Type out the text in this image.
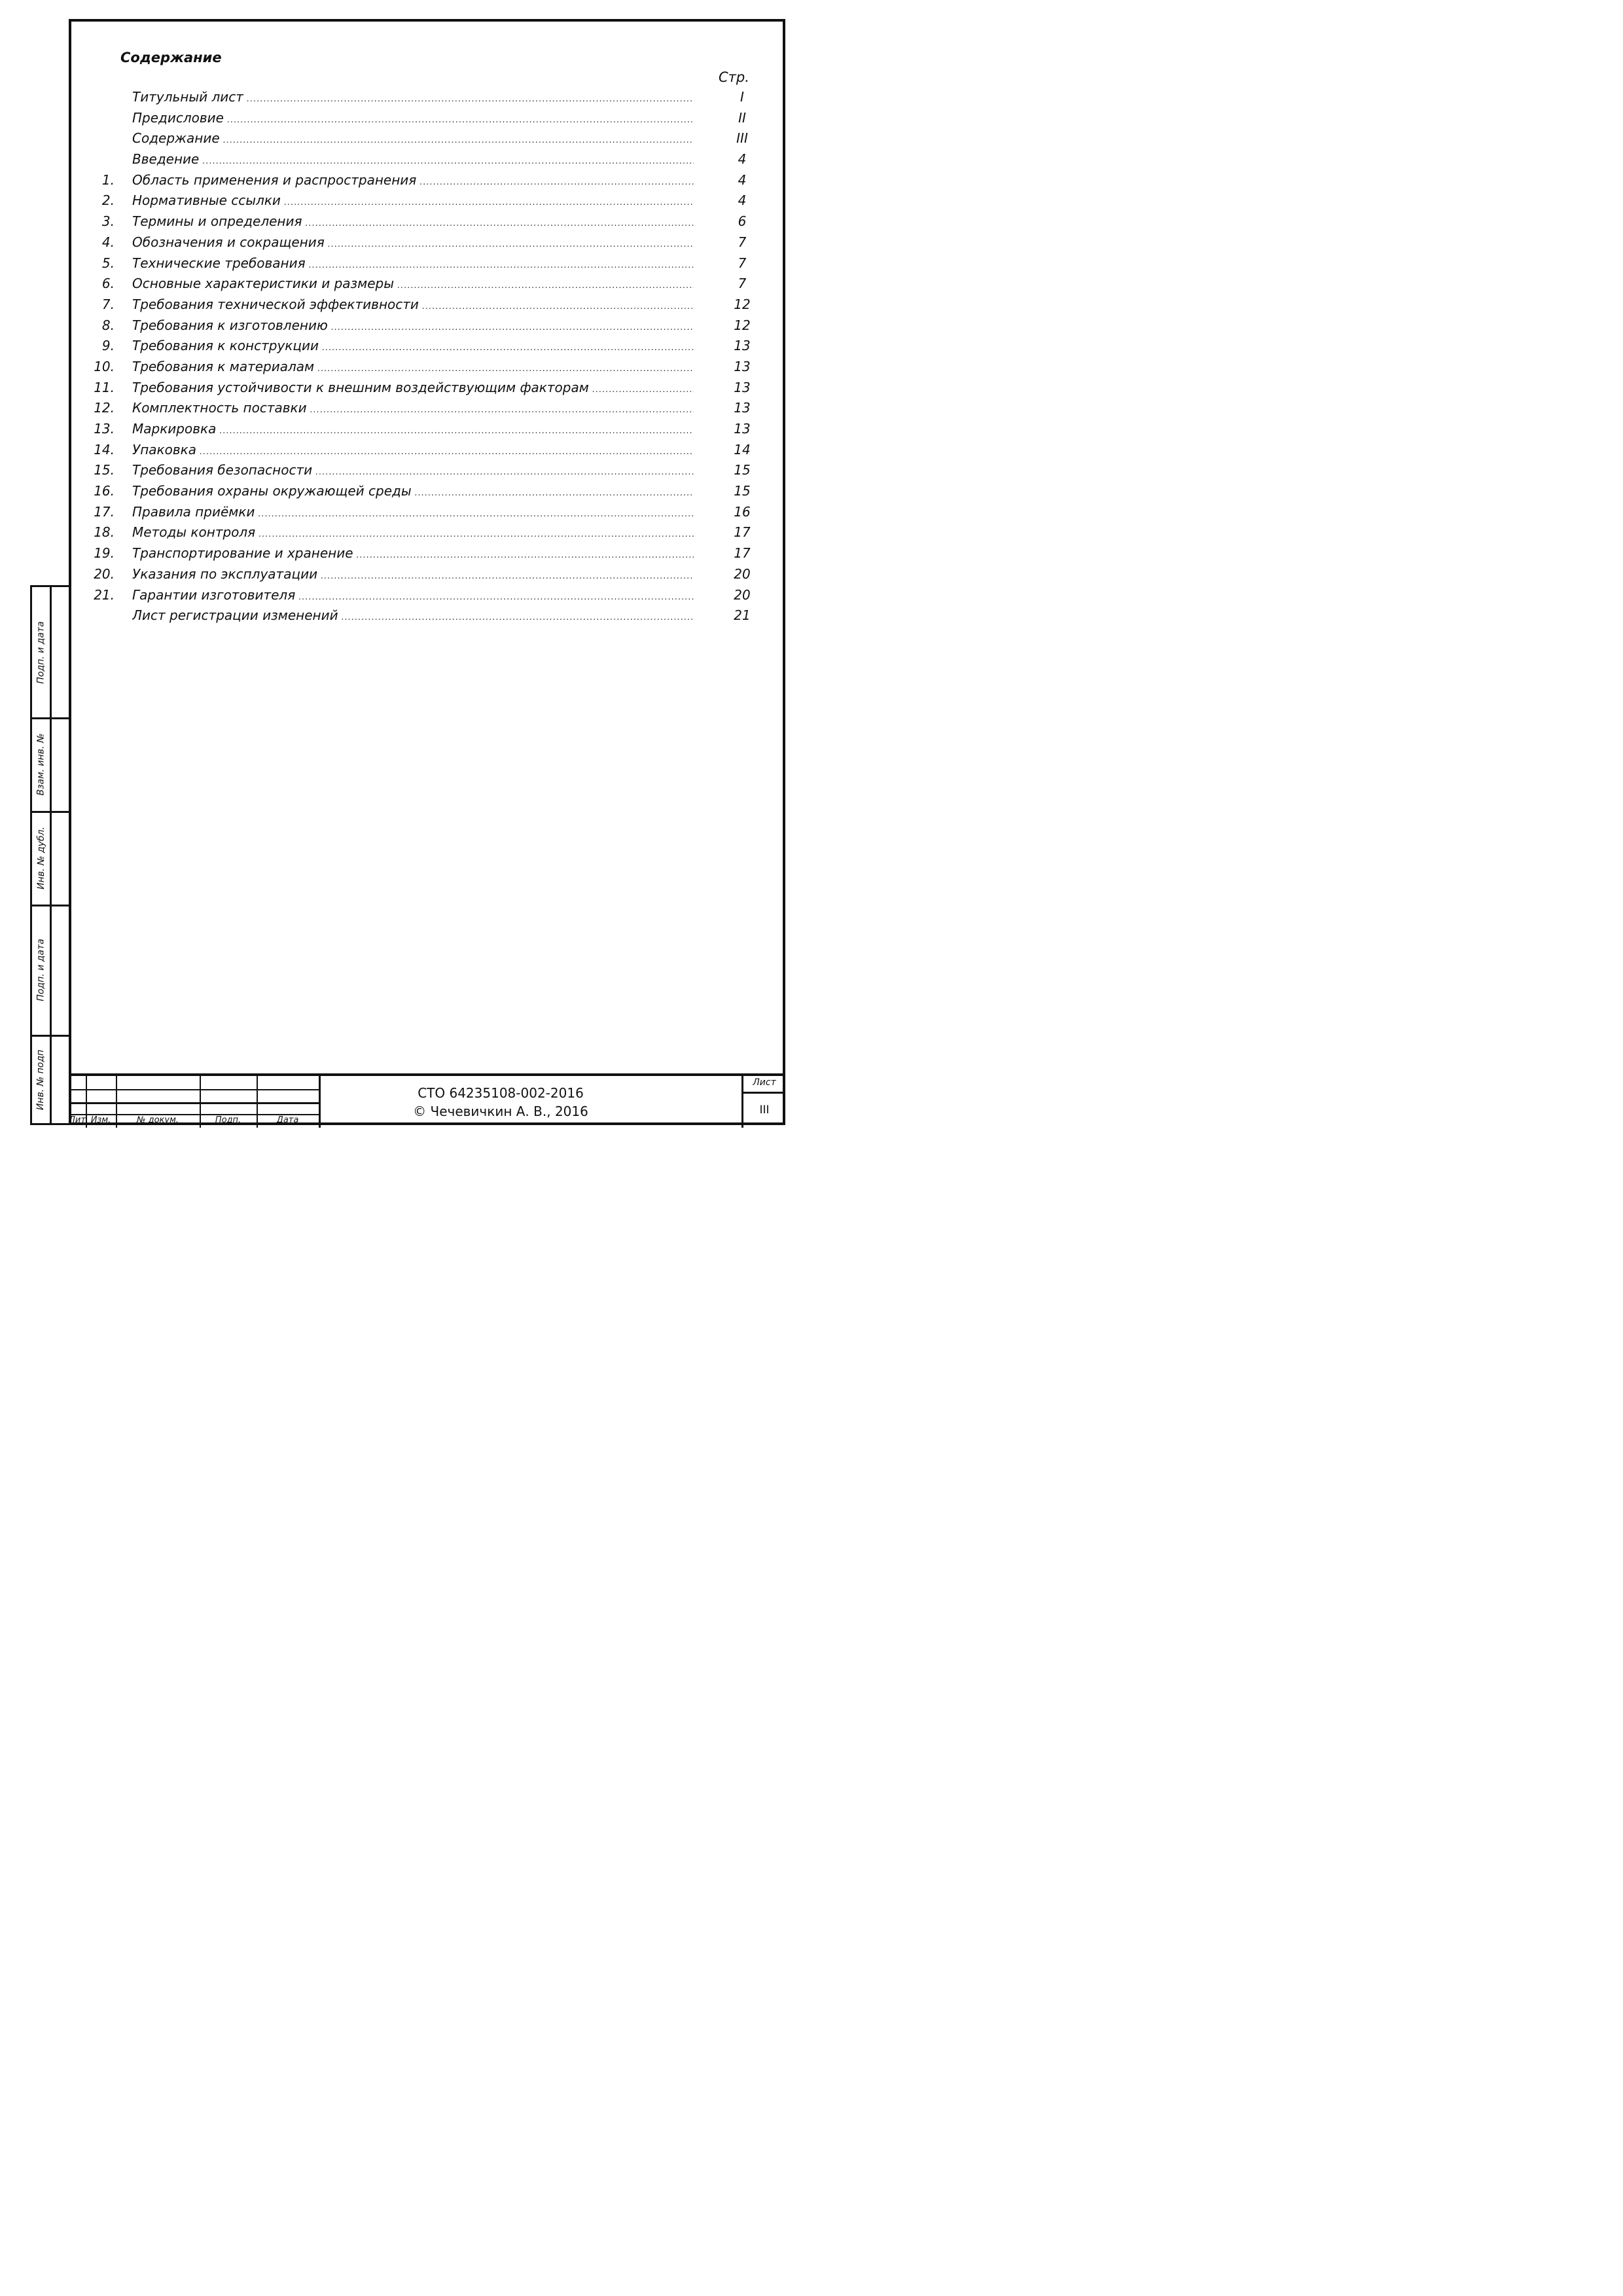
Содержание
Стр.
Титульный лист .....	I
Предисловие .....	II
Содержание .....	III
Введение .....	4
1. Область применения и распространения .....	4
2. Нормативные ссылки .....	4
3. Термины и определения .....	6
4. Обозначения и сокращения .....	7
5. Технические требования .....	7
6. Основные характеристики и размеры .....	7
7. Требования технической эффективности .....	12
8. Требования к изготовлению .....	12
9. Требования к конструкции .....	13
10. Требования к материалам .....	13
11. Требования устойчивости к внешним воздействующим факторам .....	13
12. Комплектность поставки .....	13
13. Маркировка .....	13
14. Упаковка .....	14
15. Требования безопасности .....	15
16. Требования охраны окружающей среды .....	15
17. Правила приёмки .....	16
18. Методы контроля .....	17
19. Транспортирование и хранение .....	17
20. Указания по эксплуатации .....	20
21. Гарантии изготовителя .....	20
Лист регистрации изменений .....	21
Подп. и дата
Взам. инв. №
Инв. № дубл.
Подп. и дата
Инв. № подп
Лит Изм.	№ докум.	Подп.	Дата
СТО 64235108-002-2016
© Чечевичкин А. В., 2016
Лист
III
